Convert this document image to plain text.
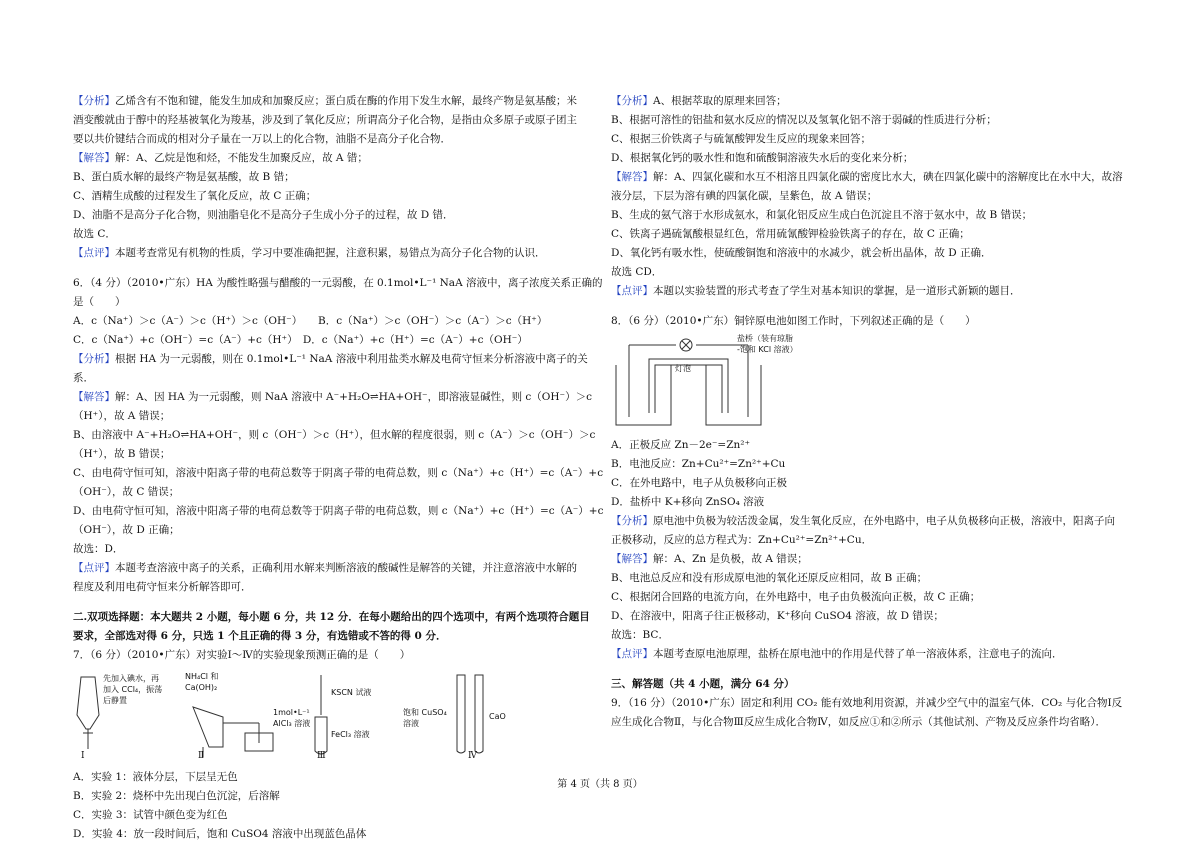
【分析】乙烯含有不饱和键，能发生加成和加聚反应；蛋白质在酶的作用下发生水解，最终产物是氨基酸；米

酒变酸就由于醇中的羟基被氧化为羧基，涉及到了氧化反应；所谓高分子化合物，是指由众多原子或原子团主

要以共价键结合而成的相对分子量在一万以上的化合物，油脂不是高分子化合物．

【解答】解：A、乙烷是饱和烃，不能发生加聚反应，故 A 错；

B、蛋白质水解的最终产物是氨基酸，故 B 错；

C、酒精生成酸的过程发生了氧化反应，故 C 正确；

D、油脂不是高分子化合物，则油脂皂化不是高分子生成小分子的过程，故 D 错．

故选 C．

【点评】本题考查常见有机物的性质，学习中要准确把握，注意积累，易错点为高分子化合物的认识．

6．（4 分）（2010•广东）HA 为酸性略强与醋酸的一元弱酸，在 0.1mol•L⁻¹ NaA 溶液中，离子浓度关系正确的

是（　　）

A．c（Na⁺）＞c（A⁻）＞c（H⁺）＞c（OH⁻）　　B．c（Na⁺）＞c（OH⁻）＞c（A⁻）＞c（H⁺）

C．c（Na⁺）+c（OH⁻）=c（A⁻）+c（H⁺）　D．c（Na⁺）+c（H⁺）=c（A⁻）+c（OH⁻）

【分析】根据 HA 为一元弱酸，则在 0.1mol•L⁻¹ NaA 溶液中利用盐类水解及电荷守恒来分析溶液中离子的关

系．

【解答】解：A、因 HA 为一元弱酸，则 NaA 溶液中 A⁻+H₂O⇌HA+OH⁻，即溶液显碱性，则 c（OH⁻）＞c

（H⁺），故 A 错误；

B、由溶液中 A⁻+H₂O⇌HA+OH⁻，则 c（OH⁻）＞c（H⁺），但水解的程度很弱，则 c（A⁻）＞c（OH⁻）＞c

（H⁺），故 B 错误；

C、由电荷守恒可知，溶液中阳离子带的电荷总数等于阴离子带的电荷总数，则 c（Na⁺）+c（H⁺）=c（A⁻）+c

（OH⁻），故 C 错误；

D、由电荷守恒可知，溶液中阳离子带的电荷总数等于阴离子带的电荷总数，则 c（Na⁺）+c（H⁺）=c（A⁻）+c

（OH⁻），故 D 正确；

故选：D．

【点评】本题考查溶液中离子的关系，正确利用水解来判断溶液的酸碱性是解答的关键，并注意溶液中水解的

程度及利用电荷守恒来分析解答即可．

二.双项选择题：本大题共 2 小题，每小题 6 分，共 12 分．在每小题给出的四个选项中，有两个选项符合题目

要求，全部选对得 6 分，只选 1 个且正确的得 3 分，有选错或不答的得 0 分．

7．（6 分）（2010•广东）对实验Ⅰ～Ⅳ的实验现象预测正确的是（　　）

先加入碘水，再
加入 CCl₄，振荡
后静置
NH₄Cl 和
Ca(OH)₂
1mol•L⁻¹
AlCl₃ 溶液
KSCN 试液
FeCl₃ 溶液
饱和 CuSO₄
溶液
CaO
Ⅰ	Ⅱ	Ⅲ	Ⅳ

A．实验 1：液体分层，下层呈无色

B．实验 2：烧杯中先出现白色沉淀，后溶解

C．实验 3：试管中颜色变为红色

D．实验 4：放一段时间后，饱和 CuSO4 溶液中出现蓝色晶体

【分析】A、根据萃取的原理来回答；

B、根据可溶性的铝盐和氨水反应的情况以及氢氧化铝不溶于弱碱的性质进行分析；

C、根据三价铁离子与硫氰酸钾发生反应的现象来回答；

D、根据氧化钙的吸水性和饱和硫酸铜溶液失水后的变化来分析；

【解答】解：A、四氯化碳和水互不相溶且四氯化碳的密度比水大，碘在四氯化碳中的溶解度比在水中大，故溶

液分层，下层为溶有碘的四氯化碳，呈紫色，故 A 错误；

B、生成的氨气溶于水形成氨水，和氯化铝反应生成白色沉淀且不溶于氨水中，故 B 错误；

C、铁离子遇硫氰酸根显红色，常用硫氰酸钾检验铁离子的存在，故 C 正确；

D、氧化钙有吸水性，使硫酸铜饱和溶液中的水减少，就会析出晶体，故 D 正确．

故选 CD．

【点评】本题以实验装置的形式考查了学生对基本知识的掌握，是一道形式新颖的题目．

8．（6 分）（2010•广东）铜锌原电池如图工作时，下列叙述正确的是（　　）

灯泡
盐桥（装有琼脂
-饱和 KCl 溶液）

A．正极反应 Zn－2e⁻=Zn²⁺

B．电池反应：Zn+Cu²⁺=Zn²⁺+Cu

C．在外电路中，电子从负极移向正极

D．盐桥中 K+移向 ZnSO₄ 溶液

【分析】原电池中负极为较活泼金属，发生氧化反应，在外电路中，电子从负极移向正极，溶液中，阳离子向

正极移动，反应的总方程式为：Zn+Cu²⁺=Zn²⁺+Cu．

【解答】解：A、Zn 是负极，故 A 错误；

B、电池总反应和没有形成原电池的氧化还原反应相同，故 B 正确；

C、根据闭合回路的电流方向，在外电路中，电子由负极流向正极，故 C 正确；

D、在溶液中，阳离子往正极移动，K⁺移向 CuSO4 溶液，故 D 错误；

故选：BC．

【点评】本题考查原电池原理，盐桥在原电池中的作用是代替了单一溶液体系，注意电子的流向．

三、解答题（共 4 小题，满分 64 分）

9．（16 分）（2010•广东）固定和利用 CO₂ 能有效地利用资源，并减少空气中的温室气体．CO₂ 与化合物Ⅰ反

应生成化合物Ⅱ，与化合物Ⅲ反应生成化合物Ⅳ，如反应①和②所示（其他试剂、产物及反应条件均省略）．

第 4 页（共 8 页）
